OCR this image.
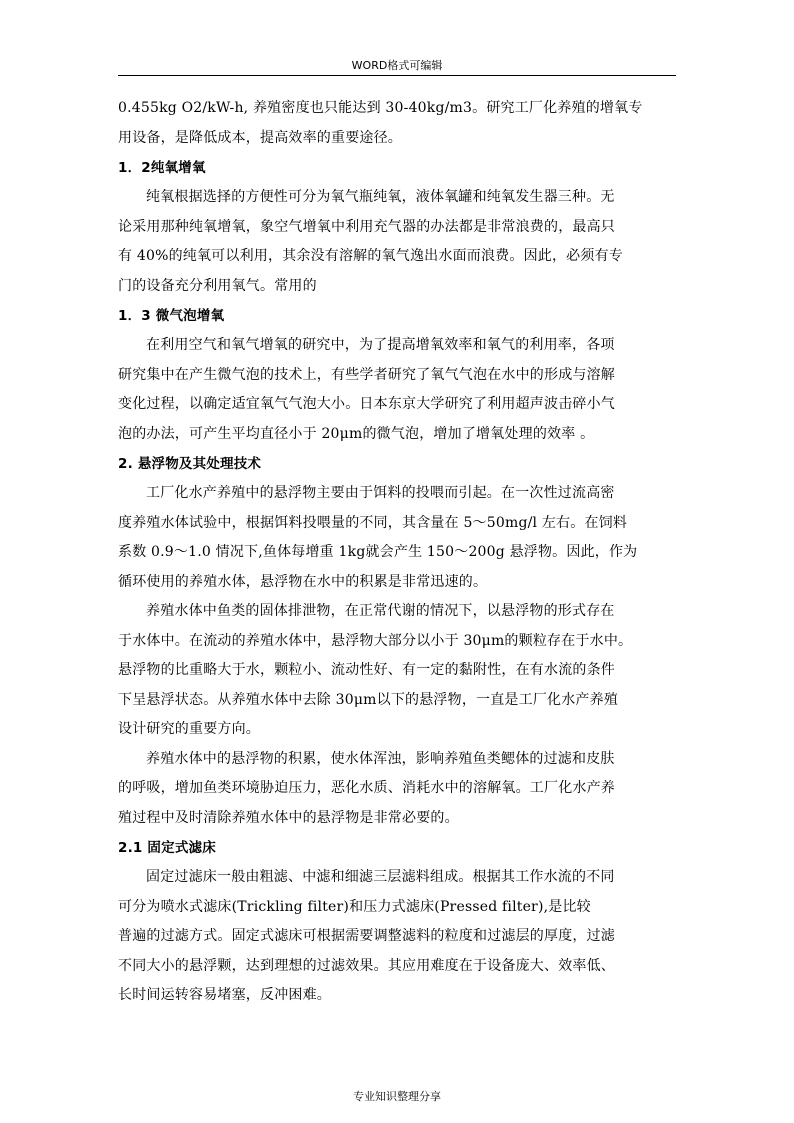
WORD格式可编辑
0.455kg O2/kW-h, 养殖密度也只能达到 30-40kg/m3。研究工厂化养殖的增氧专
用设备，是降低成本，提高效率的重要途径。
1．2纯氧增氧
纯氧根据选择的方便性可分为氧气瓶纯氧，液体氧罐和纯氧发生器三种。无
论采用那种纯氧增氧，象空气增氧中利用充气器的办法都是非常浪费的，最高只
有 40%的纯氧可以利用，其余没有溶解的氧气逸出水面而浪费。因此，必须有专
门的设备充分利用氧气。常用的
1．3 微气泡增氧
在利用空气和氧气增氧的研究中，为了提高增氧效率和氧气的利用率，各项
研究集中在产生微气泡的技术上，有些学者研究了氧气气泡在水中的形成与溶解
变化过程，以确定适宜氧气气泡大小。日本东京大学研究了利用超声波击碎小气
泡的办法，可产生平均直径小于 20μm的微气泡，增加了增氧处理的效率 。
2. 悬浮物及其处理技术
工厂化水产养殖中的悬浮物主要由于饵料的投喂而引起。在一次性过流高密
度养殖水体试验中，根据饵料投喂量的不同，其含量在 5～50mg/l 左右。在饲料
系数 0.9～1.0 情况下,鱼体每增重 1kg就会产生 150～200g 悬浮物。因此，作为
循环使用的养殖水体，悬浮物在水中的积累是非常迅速的。
养殖水体中鱼类的固体排泄物，在正常代谢的情况下，以悬浮物的形式存在
于水体中。在流动的养殖水体中，悬浮物大部分以小于 30μm的颗粒存在于水中。
悬浮物的比重略大于水，颗粒小、流动性好、有一定的黏附性，在有水流的条件
下呈悬浮状态。从养殖水体中去除 30μm以下的悬浮物，一直是工厂化水产养殖
设计研究的重要方向。
养殖水体中的悬浮物的积累，使水体浑浊，影响养殖鱼类鳃体的过滤和皮肤
的呼吸，增加鱼类环境胁迫压力，恶化水质、消耗水中的溶解氧。工厂化水产养
殖过程中及时清除养殖水体中的悬浮物是非常必要的。
2.1 固定式滤床
固定过滤床一般由粗滤、中滤和细滤三层滤料组成。根据其工作水流的不同
可分为喷水式滤床(Trickling filter)和压力式滤床(Pressed filter),是比较
普遍的过滤方式。固定式滤床可根据需要调整滤料的粒度和过滤层的厚度，过滤
不同大小的悬浮颗，达到理想的过滤效果。其应用难度在于设备庞大、效率低、
长时间运转容易堵塞，反冲困难。
专业知识整理分享
